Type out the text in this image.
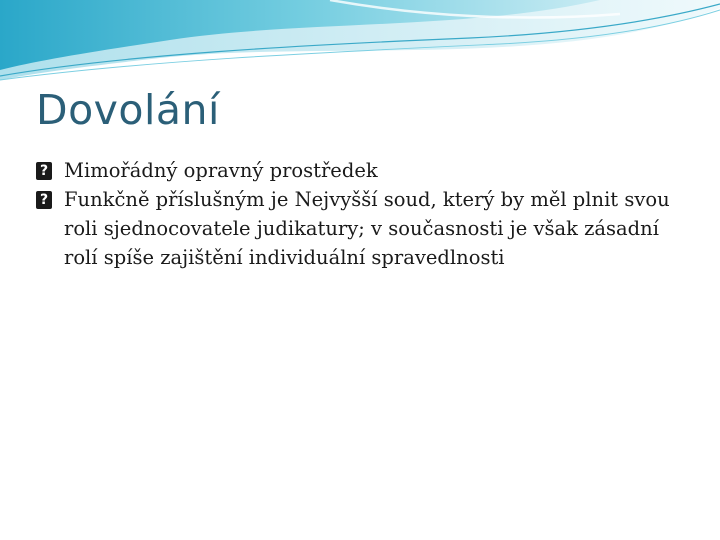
Dovolání
?
Mimořádný opravný prostředek
?
Funkčně příslušným je Nejvyšší soud, který by měl plnit svou roli sjednocovatele judikatury; v současnosti je však zásadní rolí spíše zajištění individuální spravedlnosti
